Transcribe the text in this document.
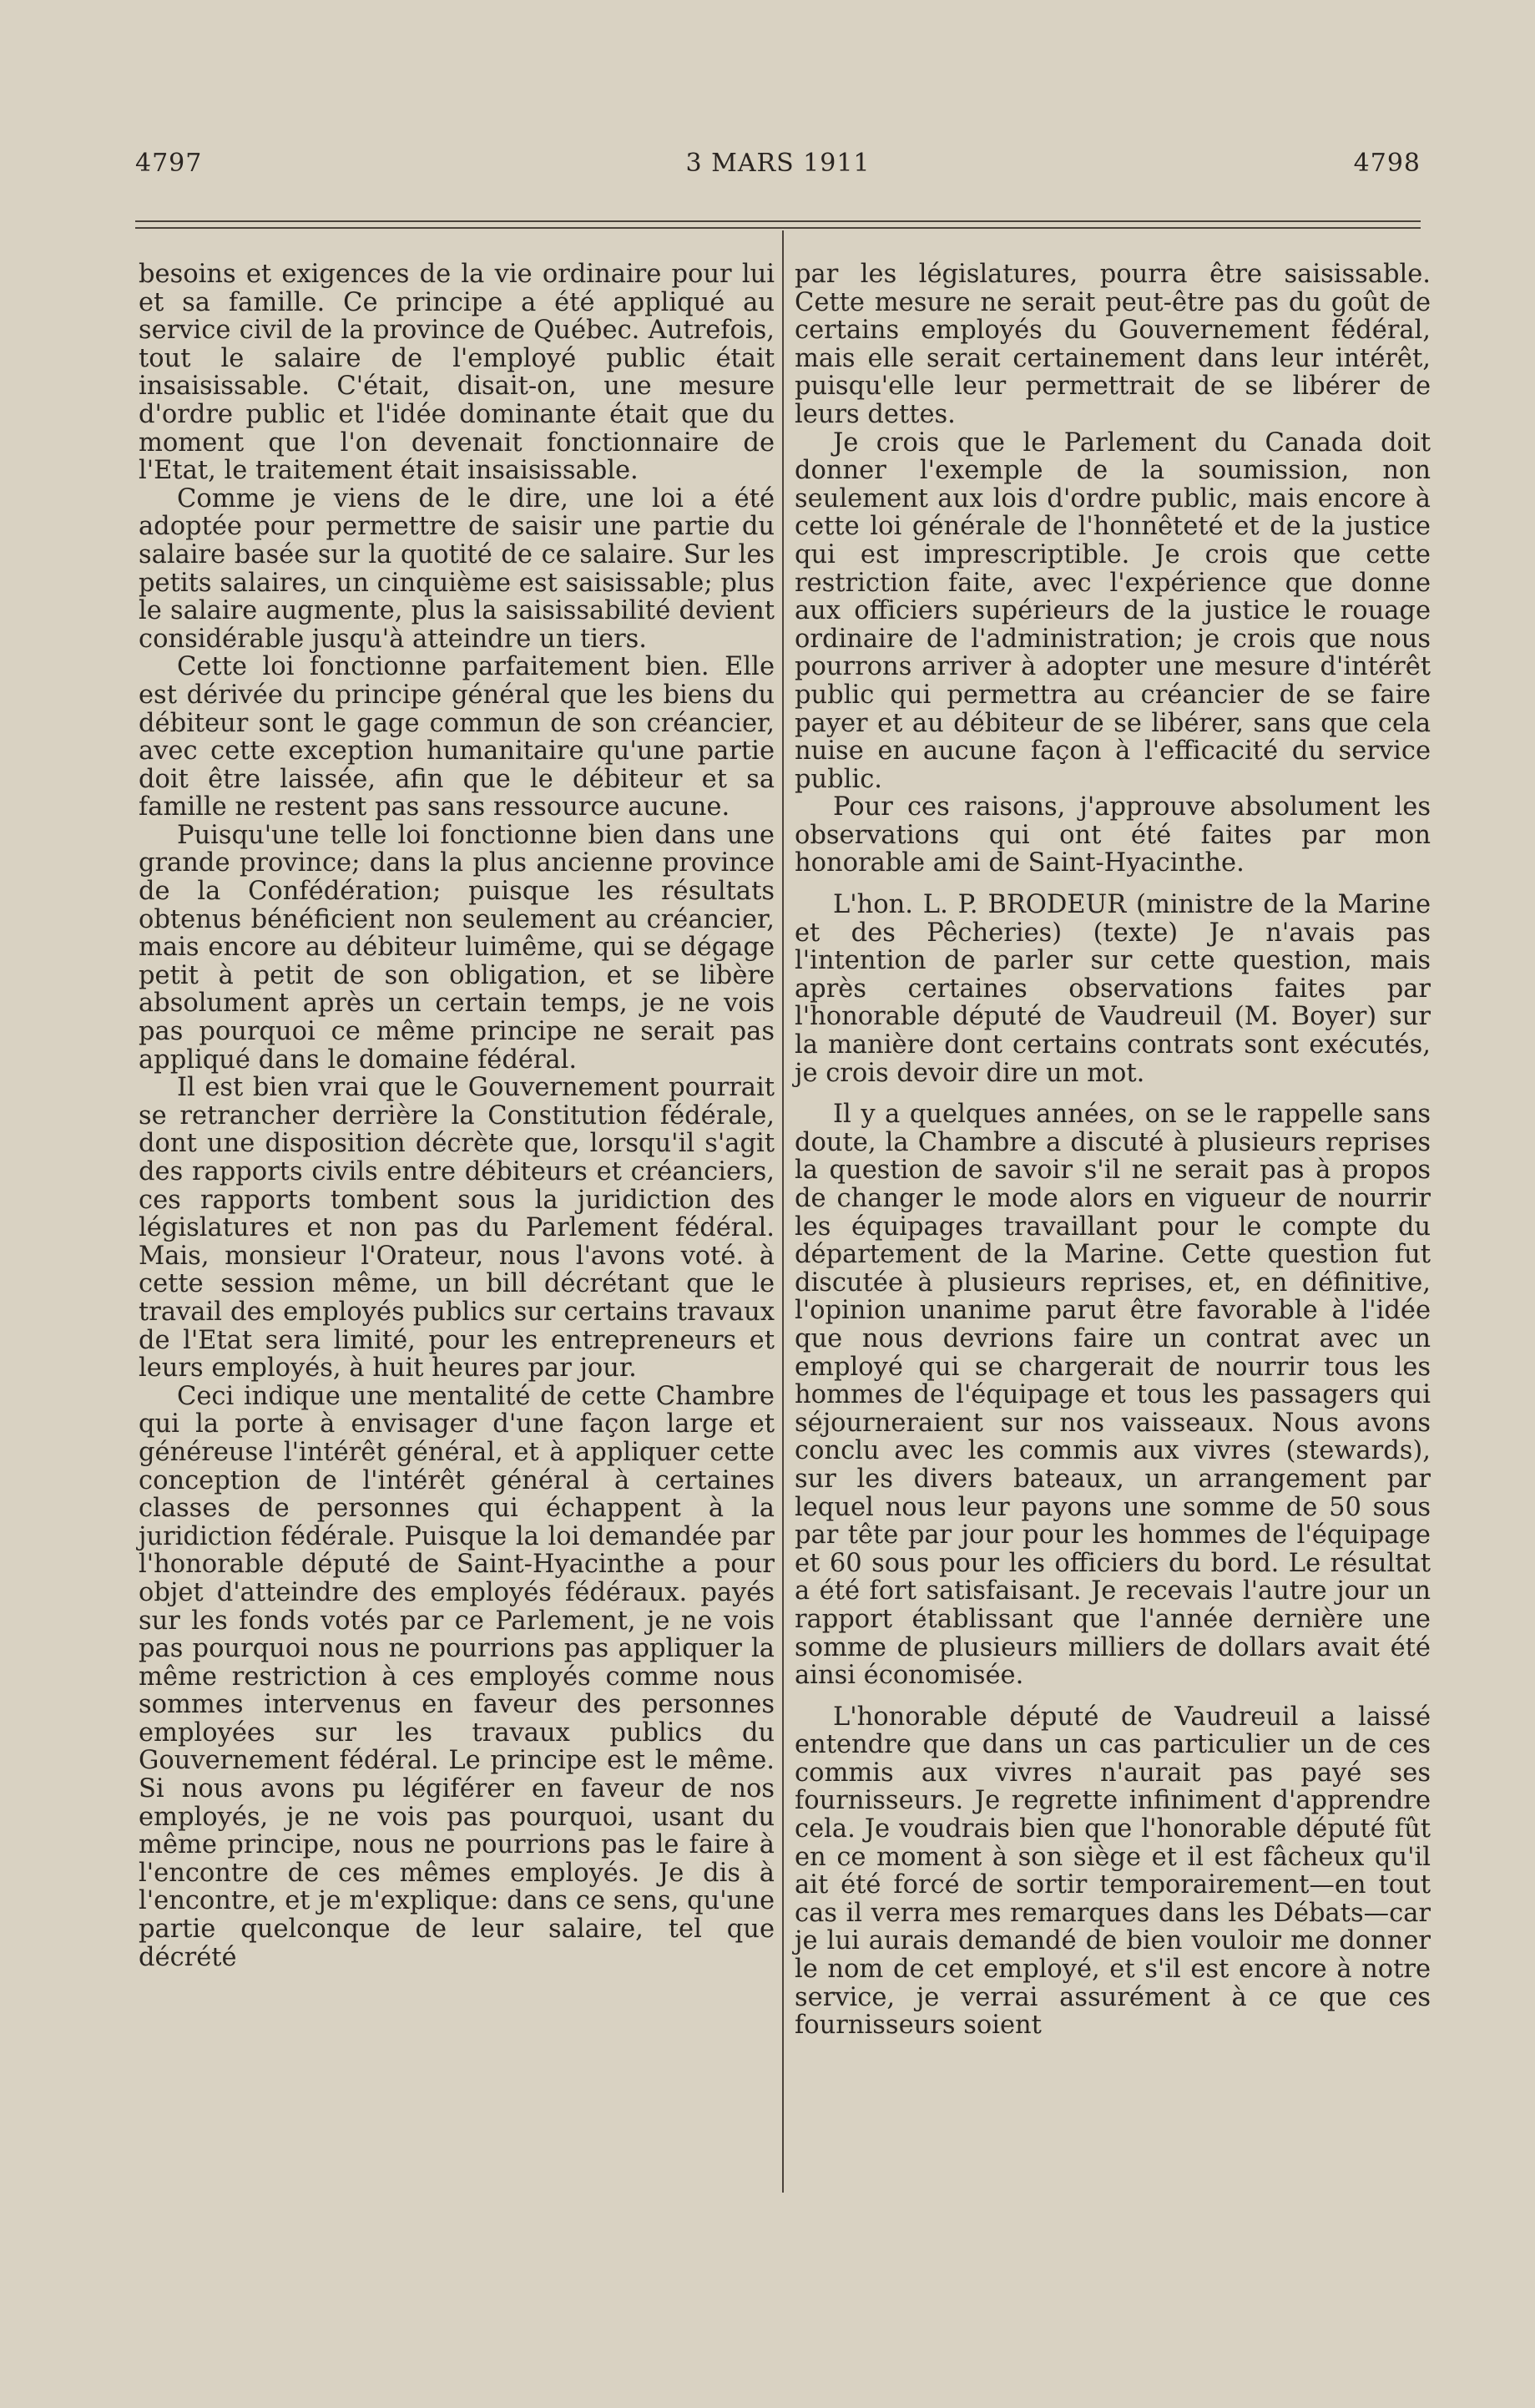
4797	3 MARS 1911	4798

besoins et exigences de la vie ordinaire pour lui et sa famille. Ce principe a été appliqué au service civil de la province de Québec. Autrefois, tout le salaire de l'employé public était insaisissable. C'était, disait-on, une mesure d'ordre public et l'idée dominante était que du moment que l'on devenait fonctionnaire de l'Etat, le traitement était insaisissable.

Comme je viens de le dire, une loi a été adoptée pour permettre de saisir une partie du salaire basée sur la quotité de ce salaire. Sur les petits salaires, un cinquième est saisissable; plus le salaire augmente, plus la saisissabilité devient considérable jusqu'à atteindre un tiers.

Cette loi fonctionne parfaitement bien. Elle est dérivée du principe général que les biens du débiteur sont le gage commun de son créancier, avec cette exception humanitaire qu'une partie doit être laissée, afin que le débiteur et sa famille ne restent pas sans ressource aucune.

Puisqu'une telle loi fonctionne bien dans une grande province; dans la plus ancienne province de la Confédération; puisque les résultats obtenus bénéficient non seulement au créancier, mais encore au débiteur luimême, qui se dégage petit à petit de son obligation, et se libère absolument après un certain temps, je ne vois pas pourquoi ce même principe ne serait pas appliqué dans le domaine fédéral.

Il est bien vrai que le Gouvernement pourrait se retrancher derrière la Constitution fédérale, dont une disposition décrète que, lorsqu'il s'agit des rapports civils entre débiteurs et créanciers, ces rapports tombent sous la juridiction des législatures et non pas du Parlement fédéral. Mais, monsieur l'Orateur, nous l'avons voté. à cette session même, un bill décrétant que le travail des employés publics sur certains travaux de l'Etat sera limité, pour les entrepreneurs et leurs employés, à huit heures par jour.

Ceci indique une mentalité de cette Chambre qui la porte à envisager d'une façon large et généreuse l'intérêt général, et à appliquer cette conception de l'intérêt général à certaines classes de personnes qui échappent à la juridiction fédérale. Puisque la loi demandée par l'honorable député de Saint-Hyacinthe a pour objet d'atteindre des employés fédéraux. payés sur les fonds votés par ce Parlement, je ne vois pas pourquoi nous ne pourrions pas appliquer la même restriction à ces employés comme nous sommes intervenus en faveur des personnes employées sur les travaux publics du Gouvernement fédéral. Le principe est le même. Si nous avons pu légiférer en faveur de nos employés, je ne vois pas pourquoi, usant du même principe, nous ne pourrions pas le faire à l'encontre de ces mêmes employés. Je dis à l'encontre, et je m'explique: dans ce sens, qu'une partie quelconque de leur salaire, tel que décrété

par les législatures, pourra être saisissable. Cette mesure ne serait peut-être pas du goût de certains employés du Gouvernement fédéral, mais elle serait certainement dans leur intérêt, puisqu'elle leur permettrait de se libérer de leurs dettes.

Je crois que le Parlement du Canada doit donner l'exemple de la soumission, non seulement aux lois d'ordre public, mais encore à cette loi générale de l'honnêteté et de la justice qui est imprescriptible. Je crois que cette restriction faite, avec l'expérience que donne aux officiers supérieurs de la justice le rouage ordinaire de l'administration; je crois que nous pourrons arriver à adopter une mesure d'intérêt public qui permettra au créancier de se faire payer et au débiteur de se libérer, sans que cela nuise en aucune façon à l'efficacité du service public.

Pour ces raisons, j'approuve absolument les observations qui ont été faites par mon honorable ami de Saint-Hyacinthe.

L'hon. L. P. BRODEUR (ministre de la Marine et des Pêcheries) (texte) Je n'avais pas l'intention de parler sur cette question, mais après certaines observations faites par l'honorable député de Vaudreuil (M. Boyer) sur la manière dont certains contrats sont exécutés, je crois devoir dire un mot.

Il y a quelques années, on se le rappelle sans doute, la Chambre a discuté à plusieurs reprises la question de savoir s'il ne serait pas à propos de changer le mode alors en vigueur de nourrir les équipages travaillant pour le compte du département de la Marine. Cette question fut discutée à plusieurs reprises, et, en définitive, l'opinion unanime parut être favorable à l'idée que nous devrions faire un contrat avec un employé qui se chargerait de nourrir tous les hommes de l'équipage et tous les passagers qui séjourneraient sur nos vaisseaux. Nous avons conclu avec les commis aux vivres (stewards), sur les divers bateaux, un arrangement par lequel nous leur payons une somme de 50 sous par tête par jour pour les hommes de l'équipage et 60 sous pour les officiers du bord. Le résultat a été fort satisfaisant. Je recevais l'autre jour un rapport établissant que l'année dernière une somme de plusieurs milliers de dollars avait été ainsi économisée.

L'honorable député de Vaudreuil a laissé entendre que dans un cas particulier un de ces commis aux vivres n'aurait pas payé ses fournisseurs. Je regrette infiniment d'apprendre cela. Je voudrais bien que l'honorable député fût en ce moment à son siège et il est fâcheux qu'il ait été forcé de sortir temporairement—en tout cas il verra mes remarques dans les Débats—car je lui aurais demandé de bien vouloir me donner le nom de cet employé, et s'il est encore à notre service, je verrai assurément à ce que ces fournisseurs soient
